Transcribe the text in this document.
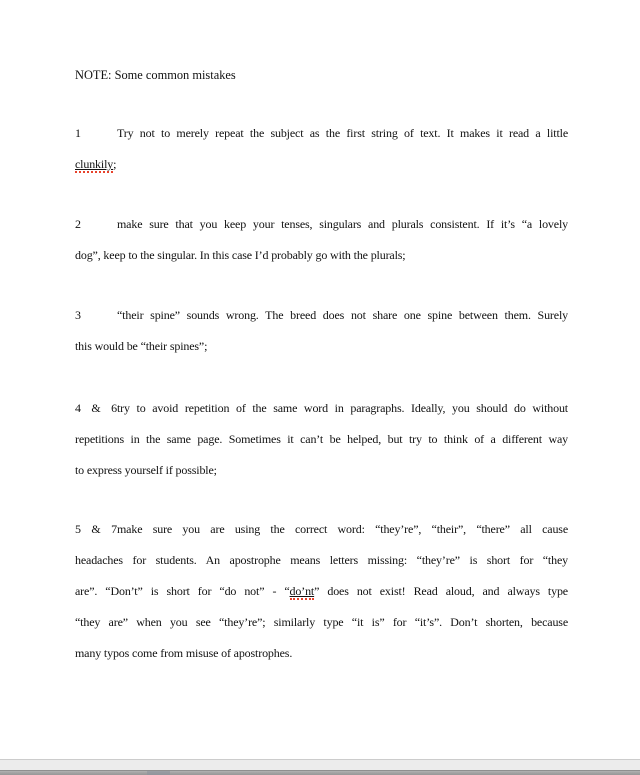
NOTE: Some common mistakes
1	Try not to merely repeat the subject as the first string of text. It makes it read a little
clunkily;
2	make sure that you keep your tenses, singulars and plurals consistent. If it’s “a lovely
dog”, keep to the singular. In this case I’d probably go with the plurals;
3	“their spine” sounds wrong. The breed does not share one spine between them. Surely
this would be “their spines”;
4 & 6try to avoid repetition of the same word in paragraphs. Ideally, you should do without
repetitions in the same page. Sometimes it can’t be helped, but try to think of a different way
to express yourself if possible;
5 & 7make sure you are using the correct word: “they’re”, “their”, “there” all cause
headaches for students. An apostrophe means letters missing: “they’re” is short for “they
are”. “Don’t” is short for “do not” - “do’nt” does not exist! Read aloud, and always type
“they are” when you see “they’re”; similarly type “it is” for “it’s”. Don’t shorten, because
many typos come from misuse of apostrophes.
